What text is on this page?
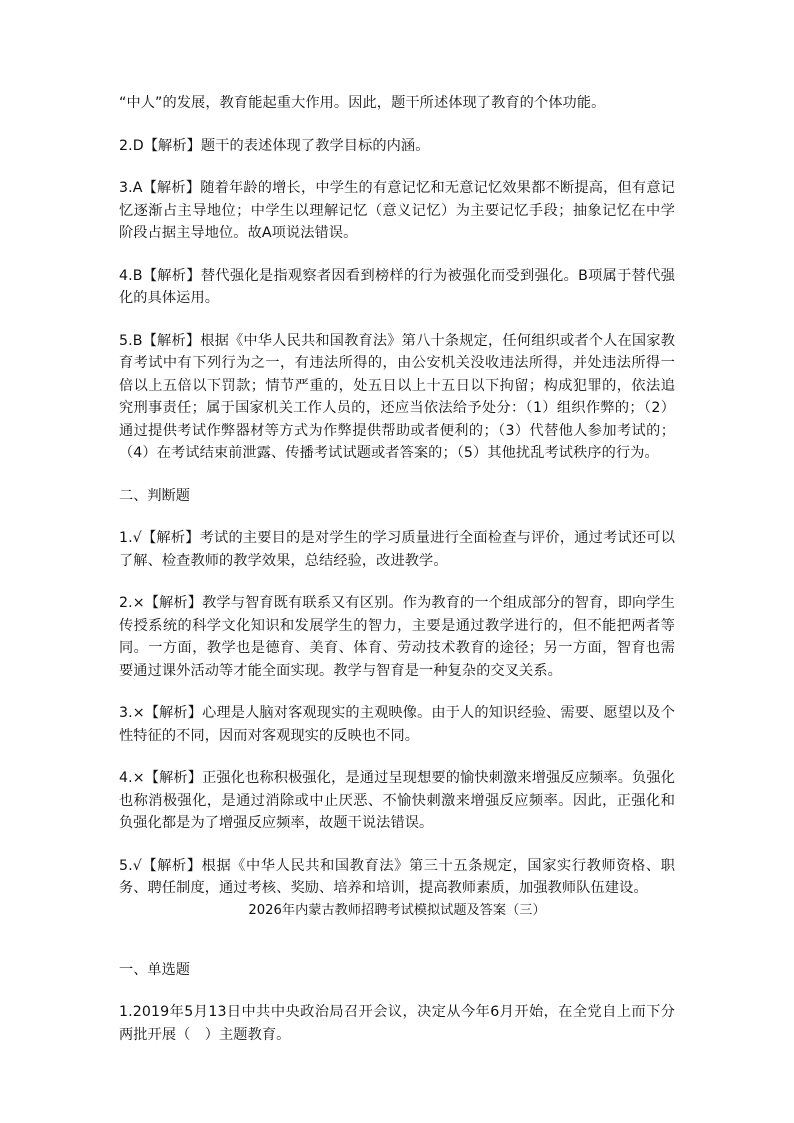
“中人”的发展，教育能起重大作用。因此，题干所述体现了教育的个体功能。

2.D【解析】题干的表述体现了教学目标的内涵。

3.A【解析】随着年龄的增长，中学生的有意记忆和无意记忆效果都不断提高，但有意记忆逐渐占主导地位；中学生以理解记忆（意义记忆）为主要记忆手段；抽象记忆在中学阶段占据主导地位。故A项说法错误。

4.B【解析】替代强化是指观察者因看到榜样的行为被强化而受到强化。B项属于替代强化的具体运用。

5.B【解析】根据《中华人民共和国教育法》第八十条规定，任何组织或者个人在国家教育考试中有下列行为之一，有违法所得的，由公安机关没收违法所得，并处违法所得一倍以上五倍以下罚款；情节严重的，处五日以上十五日以下拘留；构成犯罪的，依法追究刑事责任；属于国家机关工作人员的，还应当依法给予处分：（1）组织作弊的；（2）通过提供考试作弊器材等方式为作弊提供帮助或者便利的；（3）代替他人参加考试的；（4）在考试结束前泄露、传播考试试题或者答案的；（5）其他扰乱考试秩序的行为。

二、判断题

1.√【解析】考试的主要目的是对学生的学习质量进行全面检查与评价，通过考试还可以了解、检查教师的教学效果，总结经验，改进教学。

2.×【解析】教学与智育既有联系又有区别。作为教育的一个组成部分的智育，即向学生传授系统的科学文化知识和发展学生的智力，主要是通过教学进行的，但不能把两者等同。一方面，教学也是德育、美育、体育、劳动技术教育的途径；另一方面，智育也需要通过课外活动等才能全面实现。教学与智育是一种复杂的交叉关系。

3.×【解析】心理是人脑对客观现实的主观映像。由于人的知识经验、需要、愿望以及个性特征的不同，因而对客观现实的反映也不同。

4.×【解析】正强化也称积极强化，是通过呈现想要的愉快刺激来增强反应频率。负强化也称消极强化，是通过消除或中止厌恶、不愉快刺激来增强反应频率。因此，正强化和负强化都是为了增强反应频率，故题干说法错误。

5.√【解析】根据《中华人民共和国教育法》第三十五条规定，国家实行教师资格、职务、聘任制度，通过考核、奖励、培养和培训，提高教师素质，加强教师队伍建设。

2026年内蒙古教师招聘考试模拟试题及答案（三）

一、单选题

1.2019年5月13日中共中央政治局召开会议，决定从今年6月开始，在全党自上而下分两批开展（　）主题教育。
